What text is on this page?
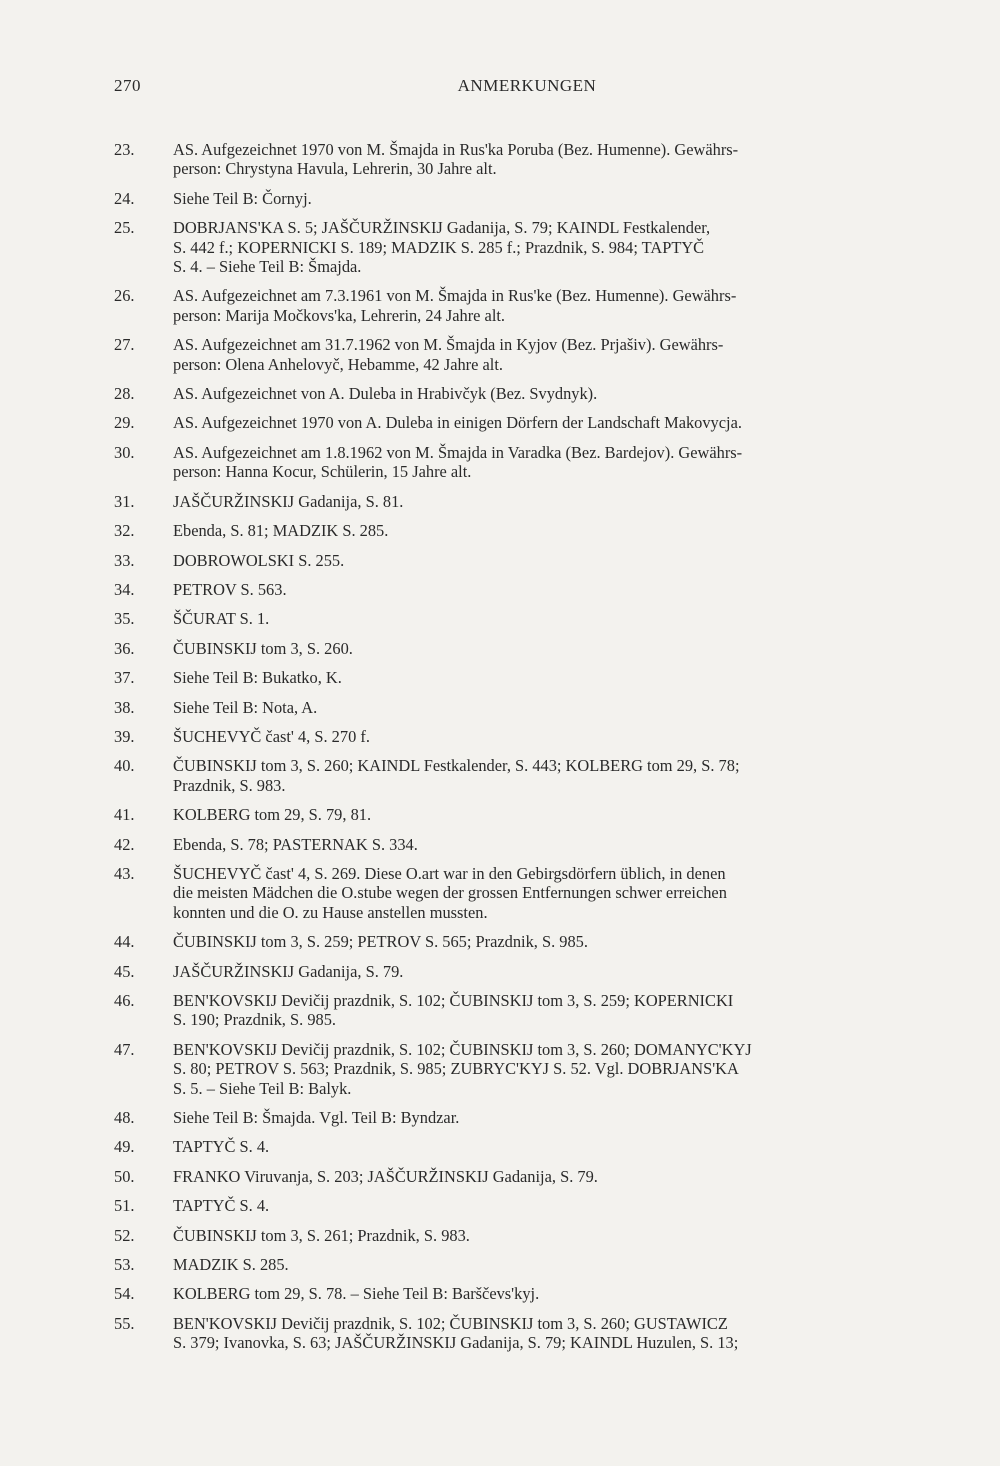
270	ANMERKUNGEN
23. AS. Aufgezeichnet 1970 von M. Šmajda in Rus'ka Poruba (Bez. Humenne). Gewährs-
person: Chrystyna Havula, Lehrerin, 30 Jahre alt.
24. Siehe Teil B: Čornyj.
25. DOBRJANS'KA S. 5; JAŠČURŽINSKIJ Gadanija, S. 79; KAINDL Festkalender,
S. 442 f.; KOPERNICKI S. 189; MADZIK S. 285 f.; Prazdnik, S. 984; TAPTYČ
S. 4. – Siehe Teil B: Šmajda.
26. AS. Aufgezeichnet am 7.3.1961 von M. Šmajda in Rus'ke (Bez. Humenne). Gewährs-
person: Marija Močkovs'ka, Lehrerin, 24 Jahre alt.
27. AS. Aufgezeichnet am 31.7.1962 von M. Šmajda in Kyjov (Bez. Prjašiv). Gewährs-
person: Olena Anhelovyč, Hebamme, 42 Jahre alt.
28. AS. Aufgezeichnet von A. Duleba in Hrabivčyk (Bez. Svydnyk).
29. AS. Aufgezeichnet 1970 von A. Duleba in einigen Dörfern der Landschaft Makovycja.
30. AS. Aufgezeichnet am 1.8.1962 von M. Šmajda in Varadka (Bez. Bardejov). Gewährs-
person: Hanna Kocur, Schülerin, 15 Jahre alt.
31. JAŠČURŽINSKIJ Gadanija, S. 81.
32. Ebenda, S. 81; MADZIK S. 285.
33. DOBROWOLSKI S. 255.
34. PETROV S. 563.
35. ŠČURAT S. 1.
36. ČUBINSKIJ tom 3, S. 260.
37. Siehe Teil B: Bukatko, K.
38. Siehe Teil B: Nota, A.
39. ŠUCHEVYČ čast' 4, S. 270 f.
40. ČUBINSKIJ tom 3, S. 260; KAINDL Festkalender, S. 443; KOLBERG tom 29, S. 78;
Prazdnik, S. 983.
41. KOLBERG tom 29, S. 79, 81.
42. Ebenda, S. 78; PASTERNAK S. 334.
43. ŠUCHEVYČ čast' 4, S. 269. Diese O.art war in den Gebirgsdörfern üblich, in denen
die meisten Mädchen die O.stube wegen der grossen Entfernungen schwer erreichen
konnten und die O. zu Hause anstellen mussten.
44. ČUBINSKIJ tom 3, S. 259; PETROV S. 565; Prazdnik, S. 985.
45. JAŠČURŽINSKIJ Gadanija, S. 79.
46. BEN'KOVSKIJ Devičij prazdnik, S. 102; ČUBINSKIJ tom 3, S. 259; KOPERNICKI
S. 190; Prazdnik, S. 985.
47. BEN'KOVSKIJ Devičij prazdnik, S. 102; ČUBINSKIJ tom 3, S. 260; DOMANYC'KYJ
S. 80; PETROV S. 563; Prazdnik, S. 985; ZUBRYC'KYJ S. 52. Vgl. DOBRJANS'KA
S. 5. – Siehe Teil B: Balyk.
48. Siehe Teil B: Šmajda. Vgl. Teil B: Byndzar.
49. TAPTYČ S. 4.
50. FRANKO Viruvanja, S. 203; JAŠČURŽINSKIJ Gadanija, S. 79.
51. TAPTYČ S. 4.
52. ČUBINSKIJ tom 3, S. 261; Prazdnik, S. 983.
53. MADZIK S. 285.
54. KOLBERG tom 29, S. 78. – Siehe Teil B: Barščevs'kyj.
55. BEN'KOVSKIJ Devičij prazdnik, S. 102; ČUBINSKIJ tom 3, S. 260; GUSTAWICZ
S. 379; Ivanovka, S. 63; JAŠČURŽINSKIJ Gadanija, S. 79; KAINDL Huzulen, S. 13;
